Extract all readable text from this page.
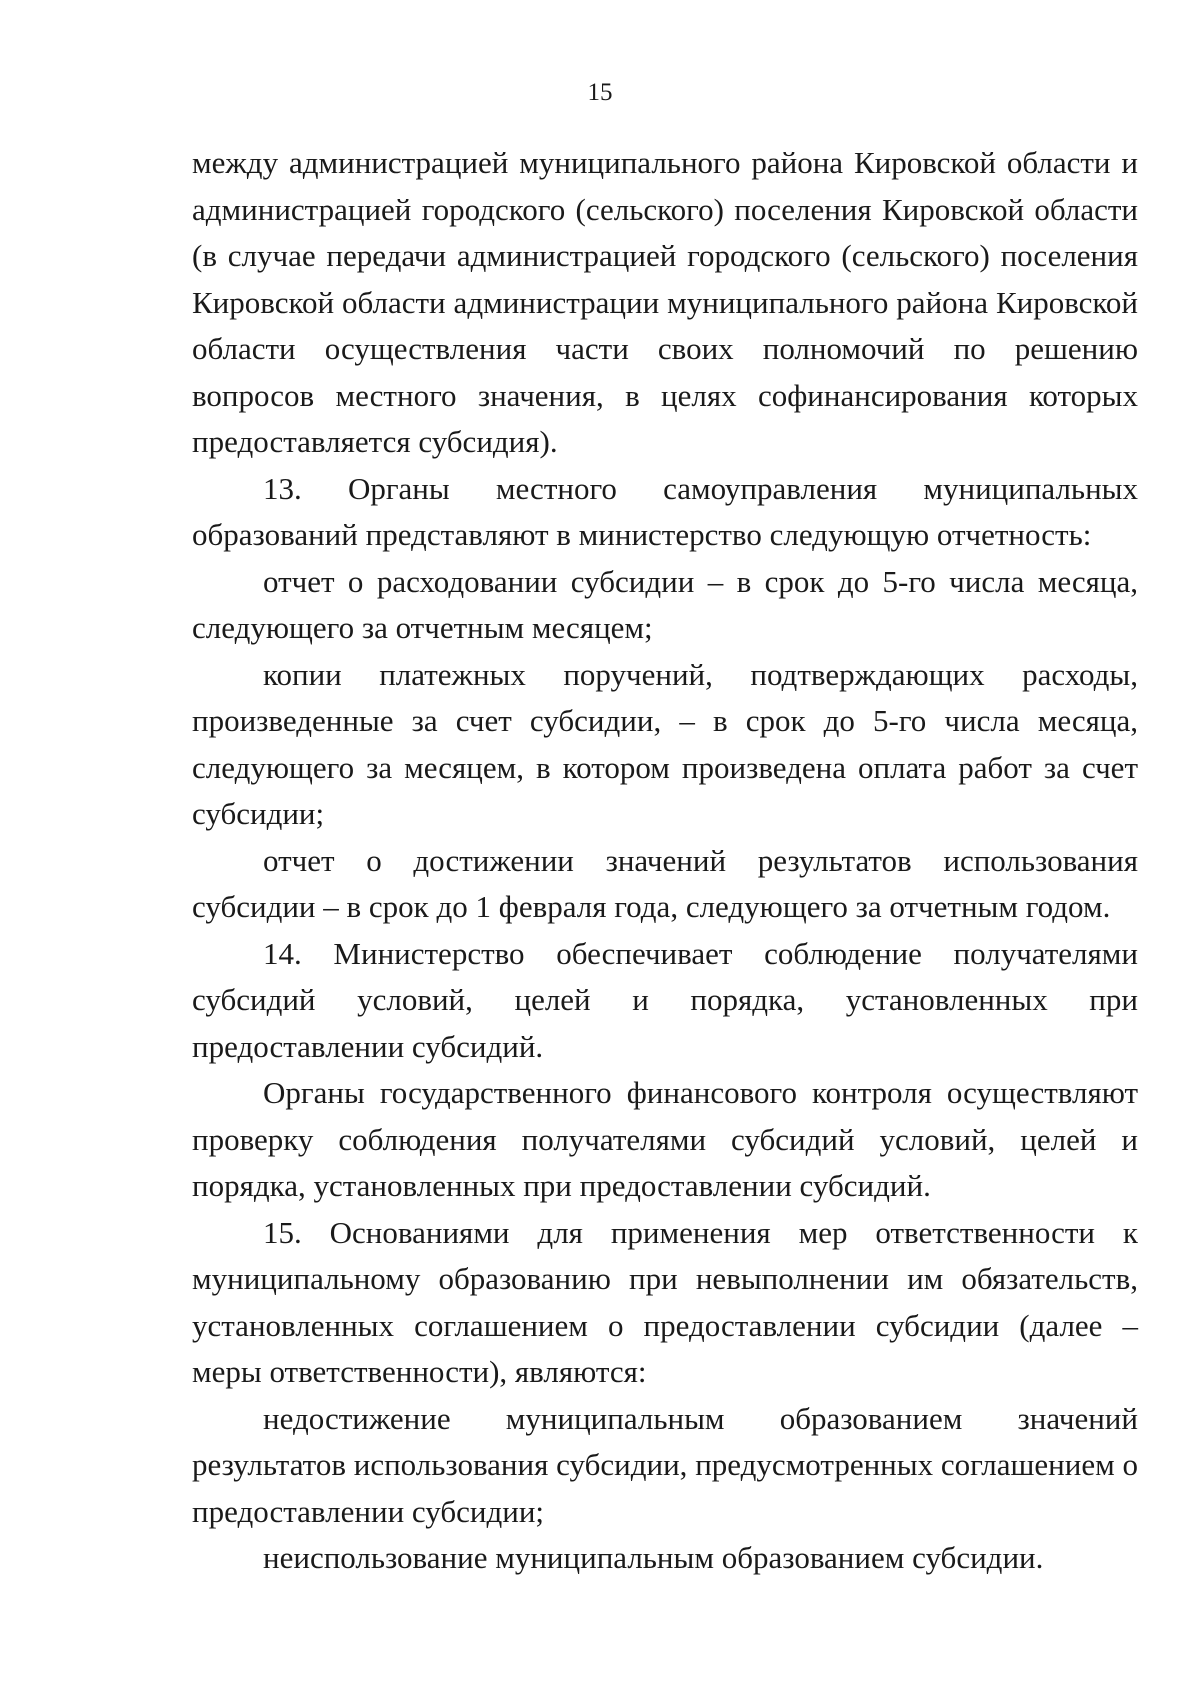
15

между администрацией муниципального района Кировской области и администрацией городского (сельского) поселения Кировской области (в случае передачи администрацией городского (сельского) поселения Кировской области администрации муниципального района Кировской области осуществления части своих полномочий по решению вопросов местного значения, в целях софинансирования которых предоставляется субсидия).

13. Органы местного самоуправления муниципальных образований представляют в министерство следующую отчетность:

отчет о расходовании субсидии – в срок до 5-го числа месяца, следующего за отчетным месяцем;

копии платежных поручений, подтверждающих расходы, произведенные за счет субсидии, – в срок до 5-го числа месяца, следующего за месяцем, в котором произведена оплата работ за счет субсидии;

отчет о достижении значений результатов использования субсидии – в срок до 1 февраля года, следующего за отчетным годом.

14. Министерство обеспечивает соблюдение получателями субсидий условий, целей и порядка, установленных при предоставлении субсидий.

Органы государственного финансового контроля осуществляют проверку соблюдения получателями субсидий условий, целей и порядка, установленных при предоставлении субсидий.

15. Основаниями для применения мер ответственности к муниципальному образованию при невыполнении им обязательств, установленных соглашением о предоставлении субсидии (далее – меры ответственности), являются:

недостижение муниципальным образованием значений результатов использования субсидии, предусмотренных соглашением о предоставлении субсидии;

неиспользование муниципальным образованием субсидии.
